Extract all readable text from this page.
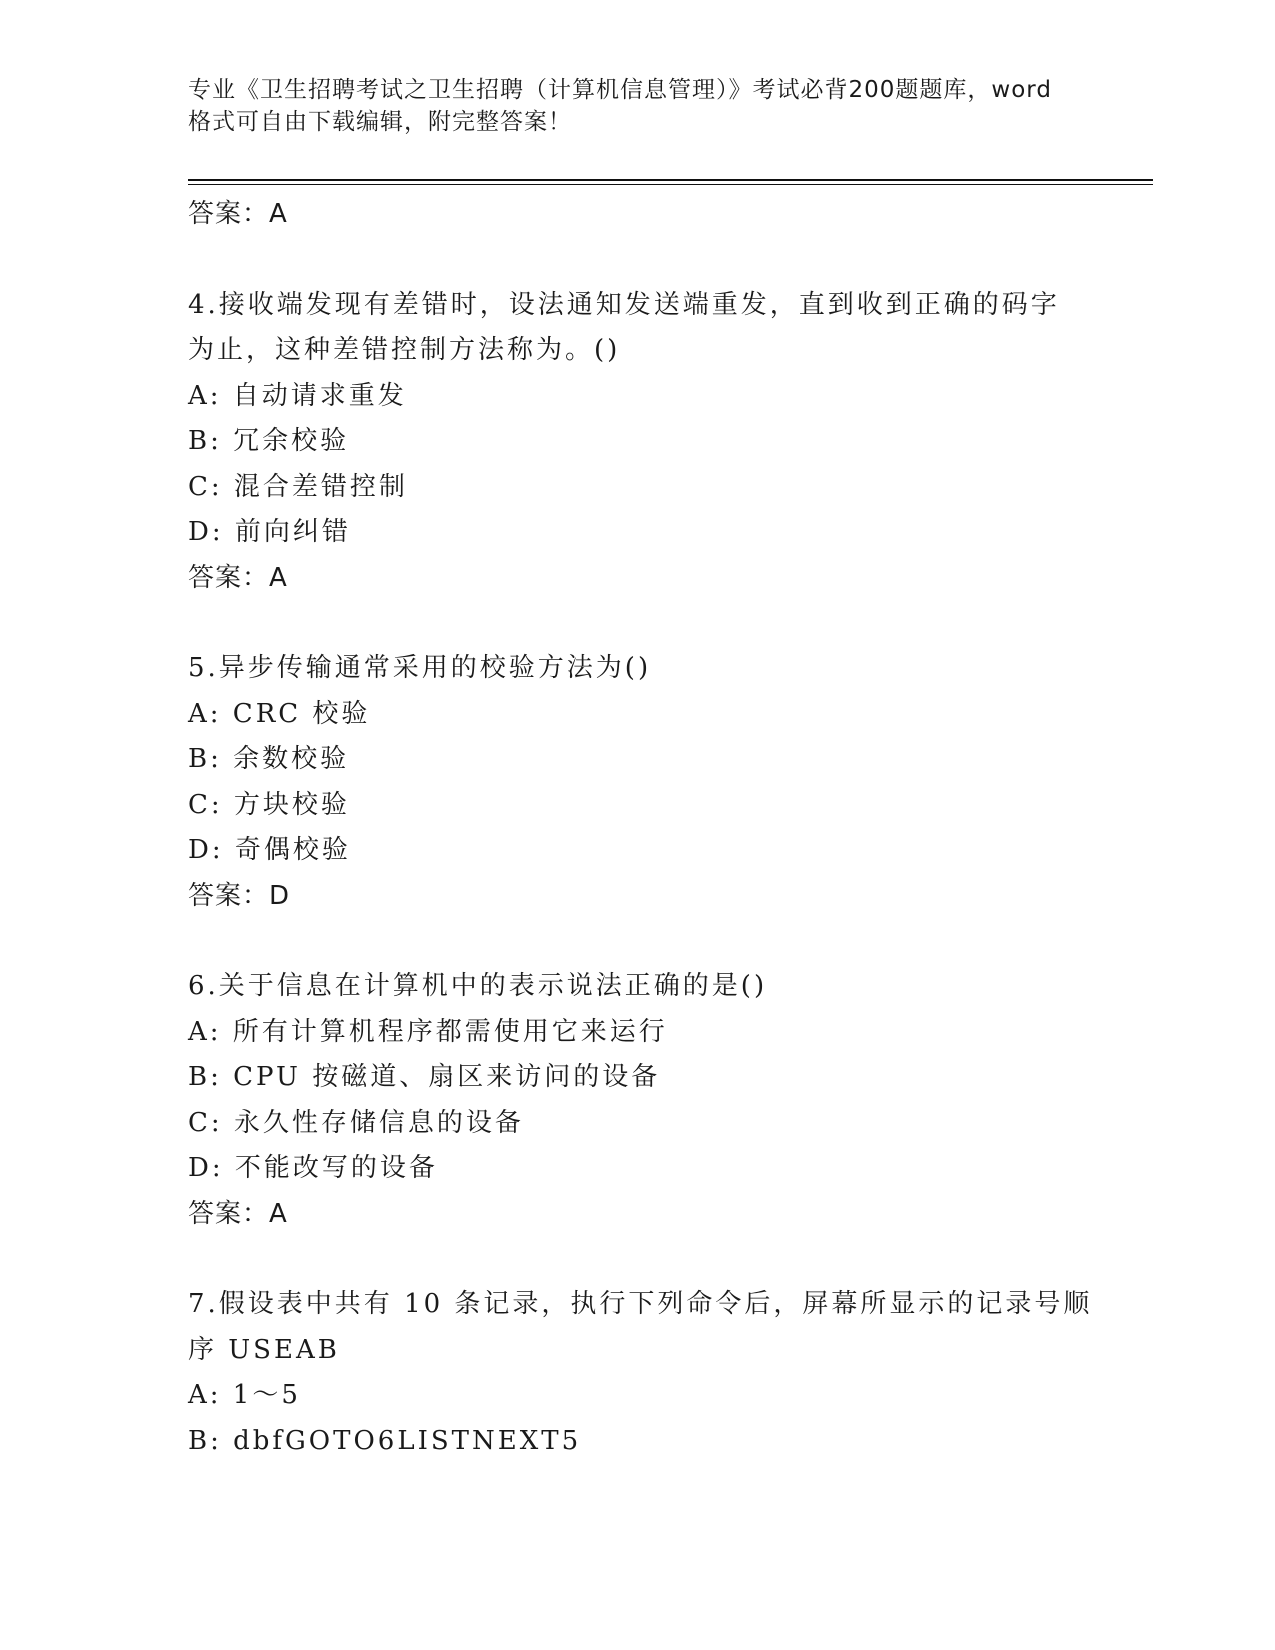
专业《卫生招聘考试之卫生招聘（计算机信息管理）》考试必背200题题库，word
格式可自由下载编辑，附完整答案！
答案：A
4.接收端发现有差错时，设法通知发送端重发，直到收到正确的码字
为止，这种差错控制方法称为。()
A: 自动请求重发
B: 冗余校验
C: 混合差错控制
D: 前向纠错
答案：A
5.异步传输通常采用的校验方法为()
A: CRC 校验
B: 余数校验
C: 方块校验
D: 奇偶校验
答案：D
6.关于信息在计算机中的表示说法正确的是()
A: 所有计算机程序都需使用它来运行
B: CPU 按磁道、扇区来访问的设备
C: 永久性存储信息的设备
D: 不能改写的设备
答案：A
7.假设表中共有 10 条记录，执行下列命令后，屏幕所显示的记录号顺
序 USEAB
A: 1～5
B: dbfGOTO6LISTNEXT5
